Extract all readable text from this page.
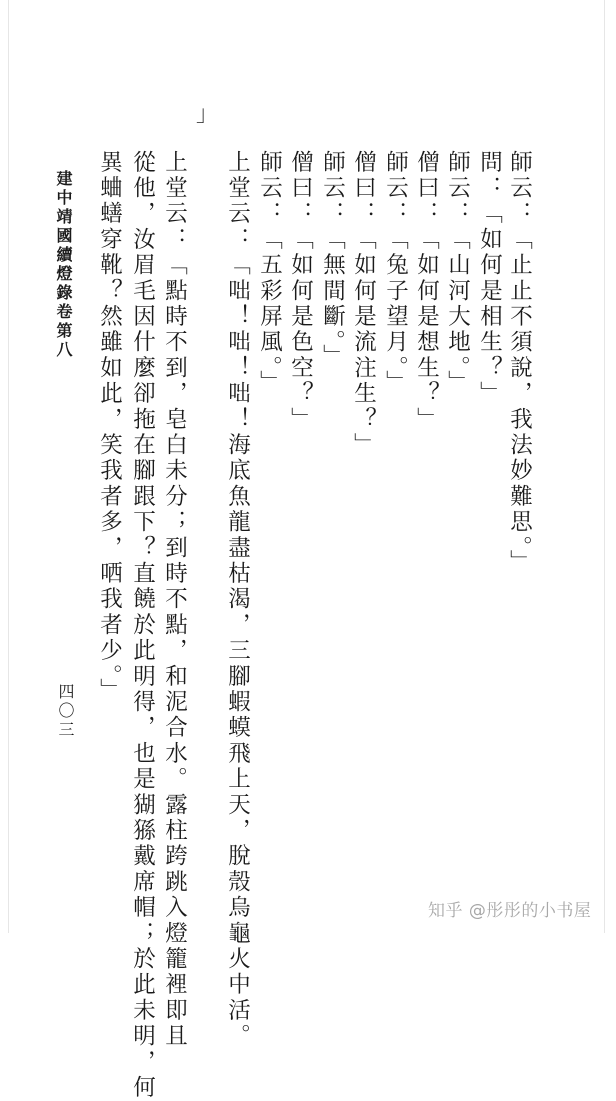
師云：「止止不須說，我法妙難思。」
問：「如何是相生？」
師云：「山河大地。」
僧曰：「如何是想生？」
師云：「兔子望月。」
僧曰：「如何是流注生？」
師云：「無間斷。」
僧曰：「如何是色空？」
師云：「五彩屏風。」
上堂云：「咄！咄！咄！海底魚龍盡枯渴，三腳蝦蟆飛上天，脫殼烏龜火中活。
」
上堂云：「點時不到，皂白未分；到時不點，和泥合水。露柱跨跳入燈籠裡即且
從他，汝眉毛因什麼卻拖在腳跟下？直饒於此明得，也是猢猻戴席帽；於此未明，何
異蛐蟮穿靴？然雖如此，笑我者多，哂我者少。」
建中靖國續燈錄卷第八
四〇三
知乎 @彤彤的小书屋
